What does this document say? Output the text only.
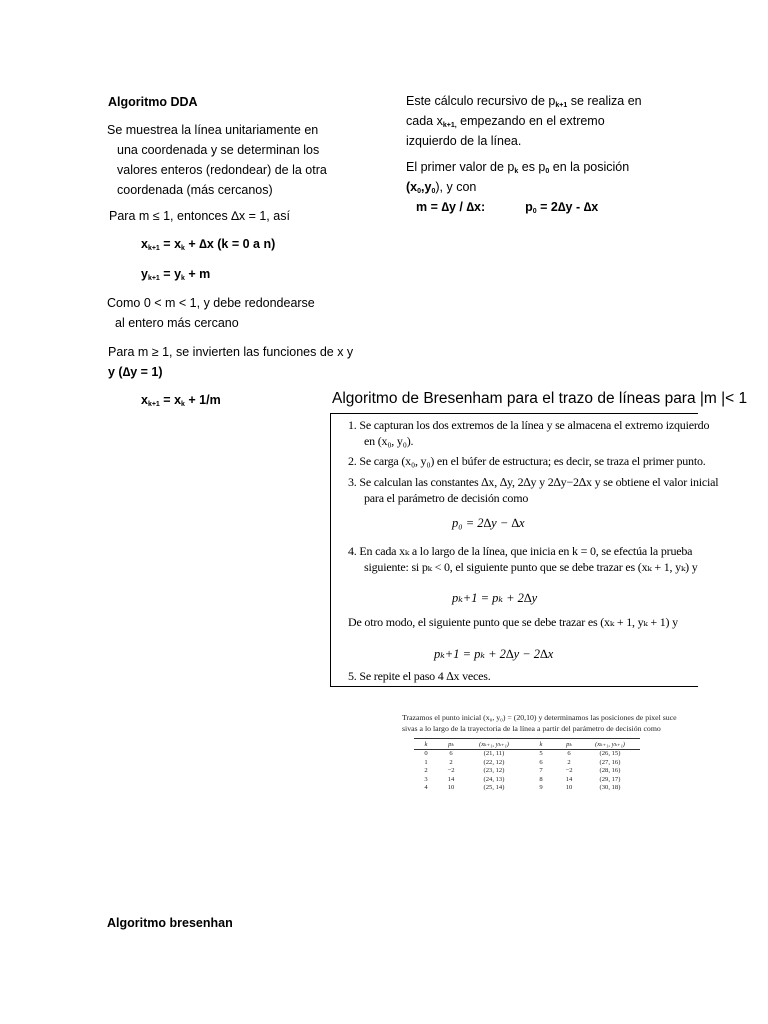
Algoritmo DDA
Se muestrea la línea unitariamente en
una coordenada y se determinan los
valores enteros (redondear) de la otra
coordenada (más cercanos)
Para m ≤ 1, entonces ∆x = 1, así
$x_{k+1} = x_k + \Delta x$ (k = 0 a n)
$y_{k+1} = y_k + m$
Como 0 < m < 1, y debe redondearse
al entero más cercano
Para m ≥ 1, se invierten las funciones de x y
y (∆y = 1)
$x_{k+1} = x_k + 1/m$
Algoritmo bresenhan
Este cálculo recursivo de $p_{k+1}$ se realiza en
cada $x_{k+1,}$ empezando en el extremo
izquierdo de la línea.
El primer valor de $p_k$ es $p_0$ en la posición
$(x_0,y_0)$, y con
m = ∆y / ∆x:	$p_0 = 2\Delta y - \Delta x$
Algoritmo de Bresenham para el trazo de líneas para |m |< 1
1. Se capturan los dos extremos de la línea y se almacena el extremo izquierdo
en (x₀, y₀).
2. Se carga (x₀, y₀) en el búfer de estructura; es decir, se traza el primer punto.
3. Se calculan las constantes ∆x, ∆y, 2∆y y 2∆y−2∆x y se obtiene el valor inicial
para el parámetro de decisión como
p₀ = 2∆y − ∆x
4. En cada xₖ a lo largo de la línea, que inicia en k = 0, se efectúa la prueba
siguiente: si pₖ < 0, el siguiente punto que se debe trazar es (xₖ + 1, yₖ) y
pₖ+1 = pₖ + 2∆y
De otro modo, el siguiente punto que se debe trazar es (xₖ + 1, yₖ + 1) y
pₖ+1 = pₖ + 2∆y − 2∆x
5. Se repite el paso 4 ∆x veces.
Trazamos el punto inicial (x₀, y₀) = (20,10) y determinamos las posiciones de pixel suce
sivas a lo largo de la trayectoria de la línea a partir del parámetro de decisión como
k	pₖ	(xₖ₊₁, yₖ₊₁)	k	pₖ	(xₖ₊₁, yₖ₊₁)
0	6	(21, 11)	5	6	(26, 15)
1	2	(22, 12)	6	2	(27, 16)
2	−2	(23, 12)	7	−2	(28, 16)
3	14	(24, 13)	8	14	(29, 17)
4	10	(25, 14)	9	10	(30, 18)
